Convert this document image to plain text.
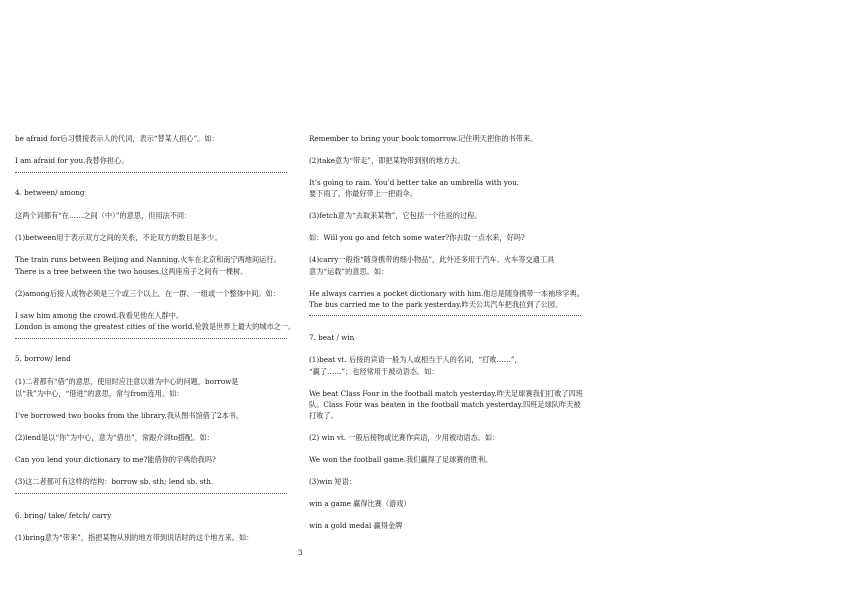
be afraid for后习惯接表示人的代词，表示“替某人担心”。如：
I am afraid for you.我替你担心。
4. between/ among
这两个词都有“在……之间（中）”的意思，但用法不同：
(1)between用于表示双方之间的关系，不论双方的数目是多少。
The train runs between Beijing and Nanning.火车在北京和南宁两地间运行。
There is a tree between the two houses.这两座房子之间有一棵树。
(2)among后接人或物必须是三个或三个以上，在一群、一组或一个整体中间。如：
I saw him among the crowd.我看见他在人群中。
London is among the greatest cities of the world.伦敦是世界上最大的城市之一。
5. borrow/ lend
(1)二者都有“借”的意思，使用时应注意以谁为中心的问题，borrow是
以“我”为中心，“借进”的意思，常与from连用。如：
I’ve borrowed two books from the library.我从图书馆借了2本书。
(2)lend是以“你”为中心，意为“借出”，常跟介词to搭配。如：
Can you lend your dictionary to me?能借你的字典给我吗?
(3)这二者都可有这样的结构：borrow sb. sth; lend sb. sth.
6. bring/ take/ fetch/ carry
(1)bring意为“带来”，指把某物从别的地方带到说话时的这个地方来。如：
Remember to bring your book tomorrow.记住明天把你的书带来。
(2)take意为“带走”，即把某物带到别的地方去。
It’s going to rain. You’d better take an umbrella with you.
要下雨了。你最好带上一把雨伞。
(3)fetch意为“去取来某物”，它包括一个往返的过程。
如：Will you go and fetch some water?你去取一点水来，好吗?
(4)carry一般指“随身携带的细小物品”，此外还多用于汽车、火车等交通工具
意为“运载”的意思。如：
He always carries a pocket dictionary with him.他总是随身携带一本袖珍字典。
The bus carried me to the park yesterday.昨天公共汽车把我拉到了公园。
7. beat / win
(1)beat vt. 后接的宾语一般为人或相当于人的名词，“打败……”，
“赢了……”；也经常用于被动语态。如：
We beat Class Four in the football match yesterday.昨天足球赛我们打败了四班
队。Class Four was beaten in the football match yesterday.四班足球队昨天被
打败了。
(2) win vt. 一般后接物或比赛作宾语，少用被动语态。如：
We won the football game.我们赢得了足球赛的胜利。
(3)win 短语：
win a game 赢得比赛（游戏）
win a gold medal 赢得金牌
3
